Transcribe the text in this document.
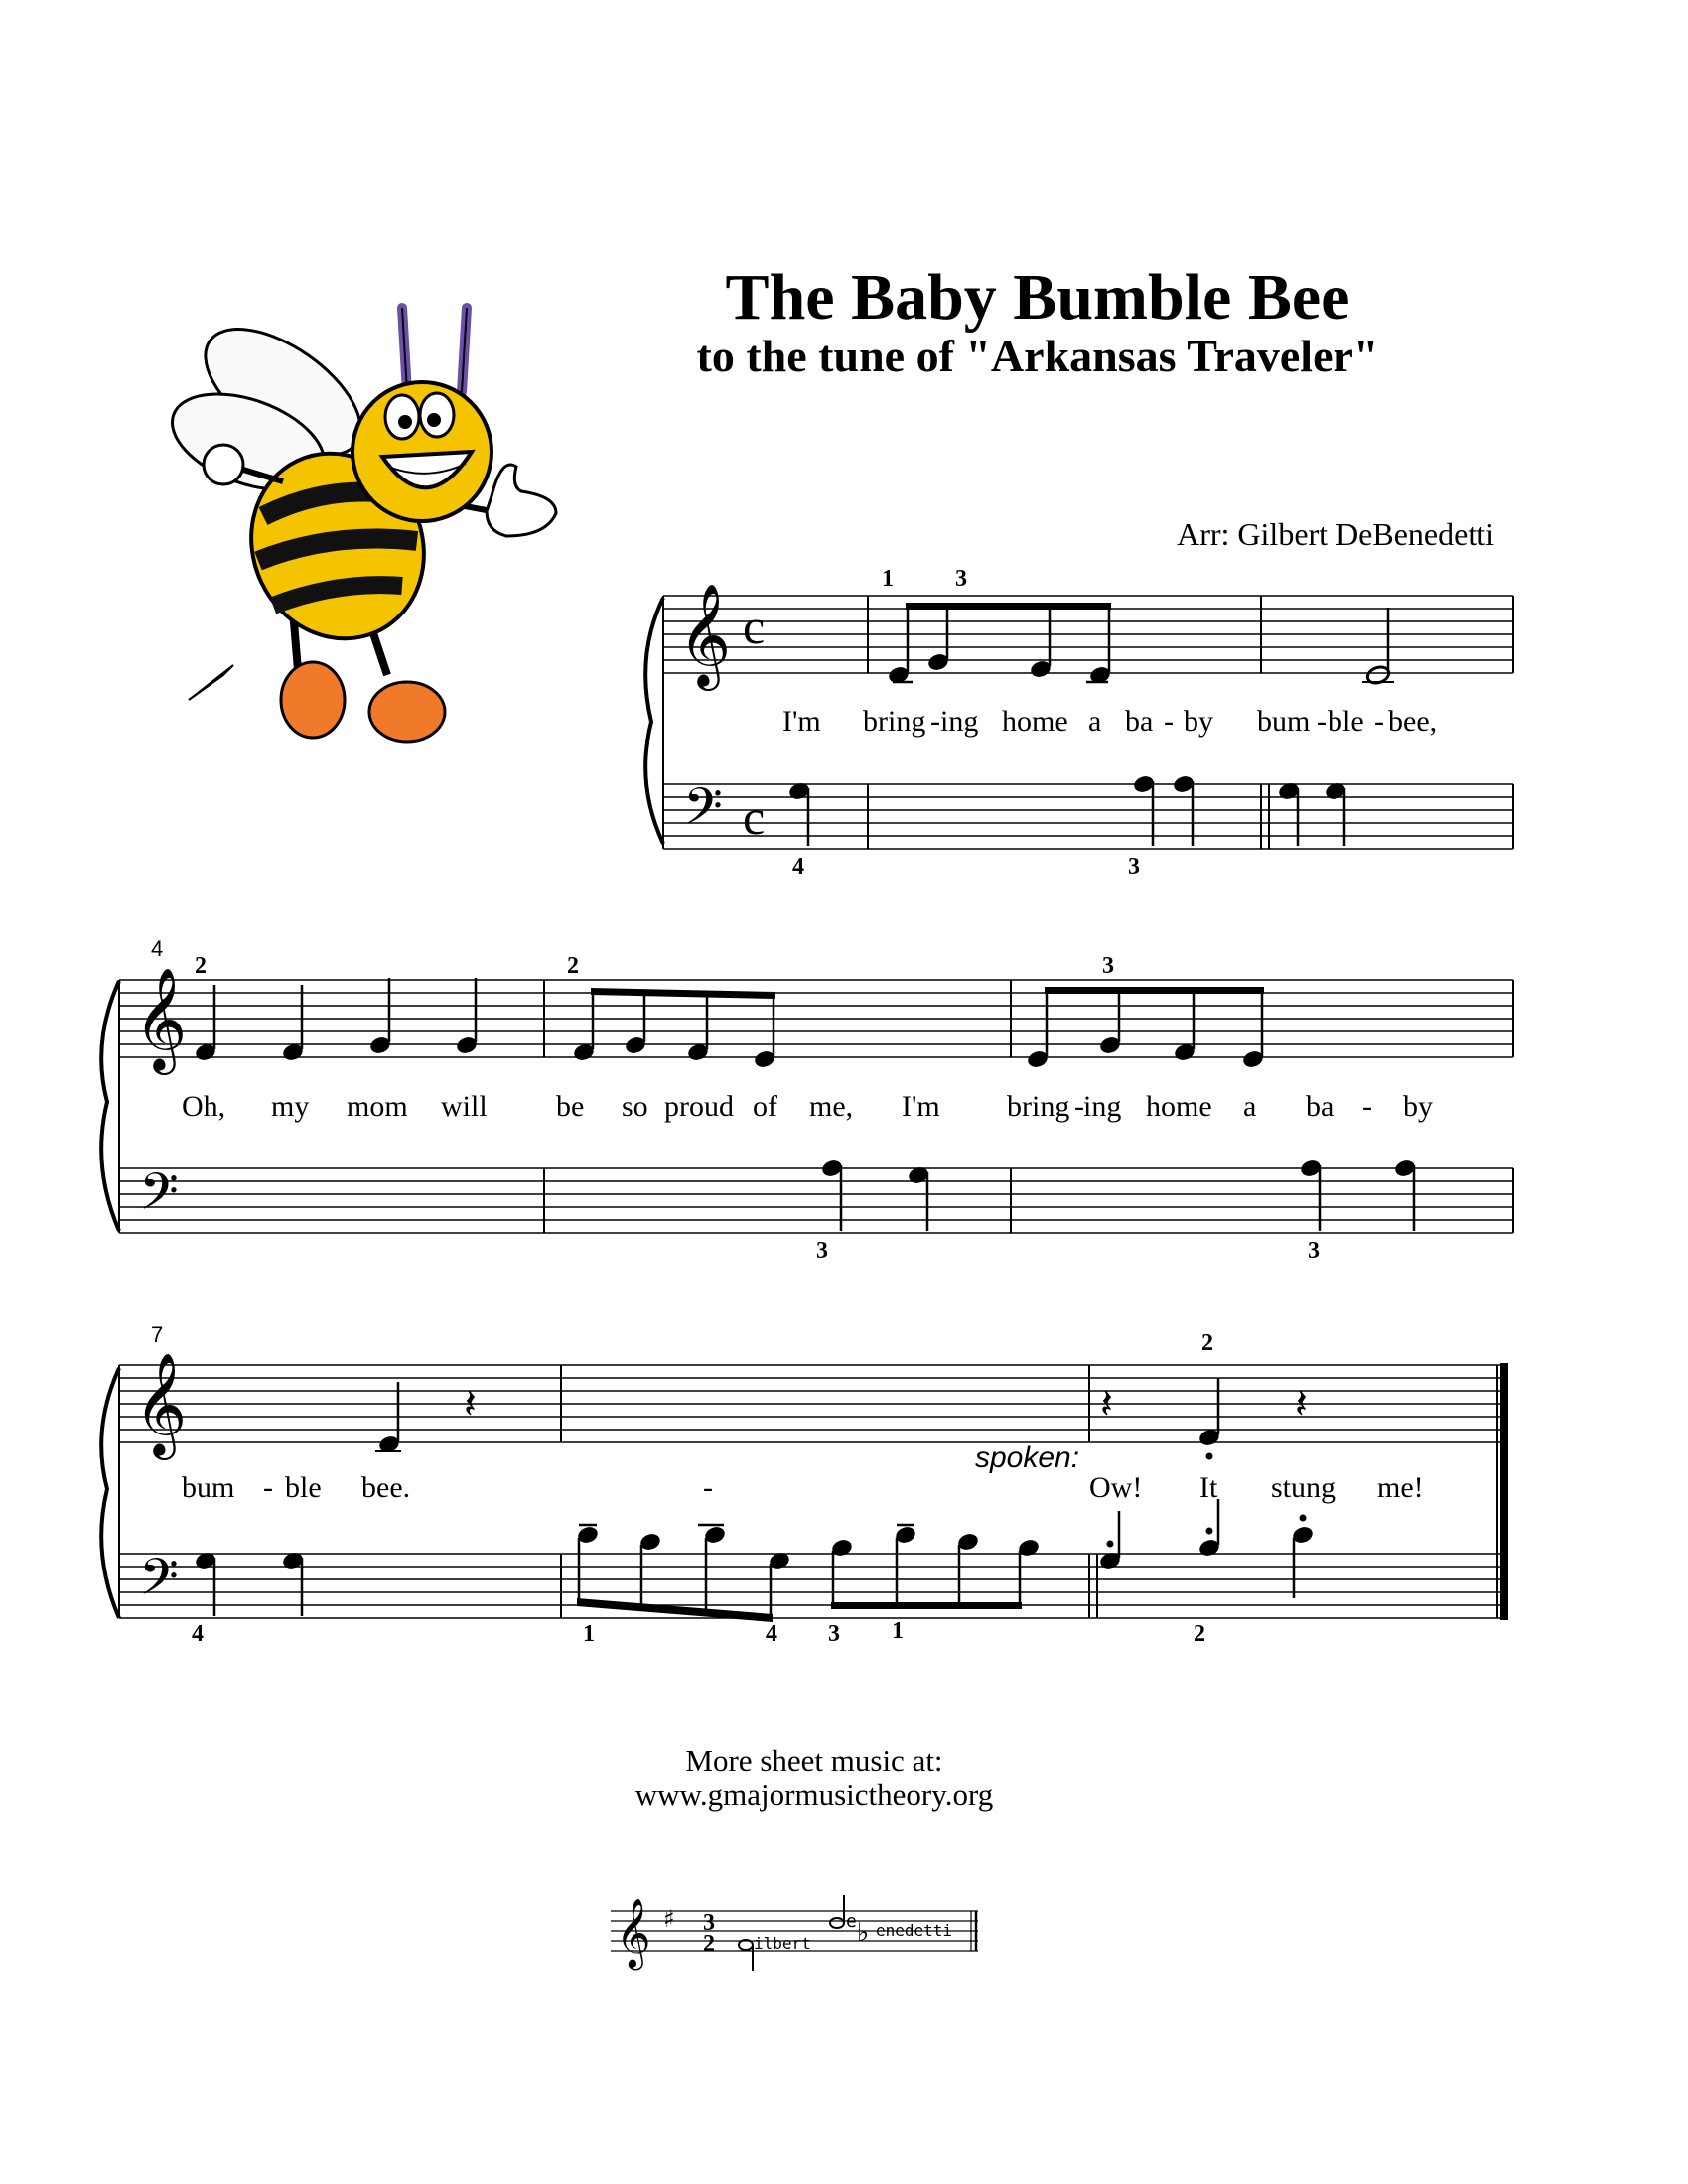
The Baby Bumble Bee
to the tune of "Arkansas Traveler"
Arr: Gilbert DeBenedetti
𝄞
𝄢
c
c
1	3
4	3
I'm bring - ing home a ba - by bum - ble - bee,
4
𝄞
𝄢
2	2	3
3	3
Oh, my mom will be so proud of me, I'm bring - ing home a ba - by
7
𝄞
𝄢
𝄽	𝄽	𝄽
2
4	1	4 3 1	2
spoken:
bum - ble bee.	-	Ow! It stung me!
More sheet music at:
www.gmajormusictheory.org
𝄞 ♯ 3
2 ilbert
e ♭ enedetti
